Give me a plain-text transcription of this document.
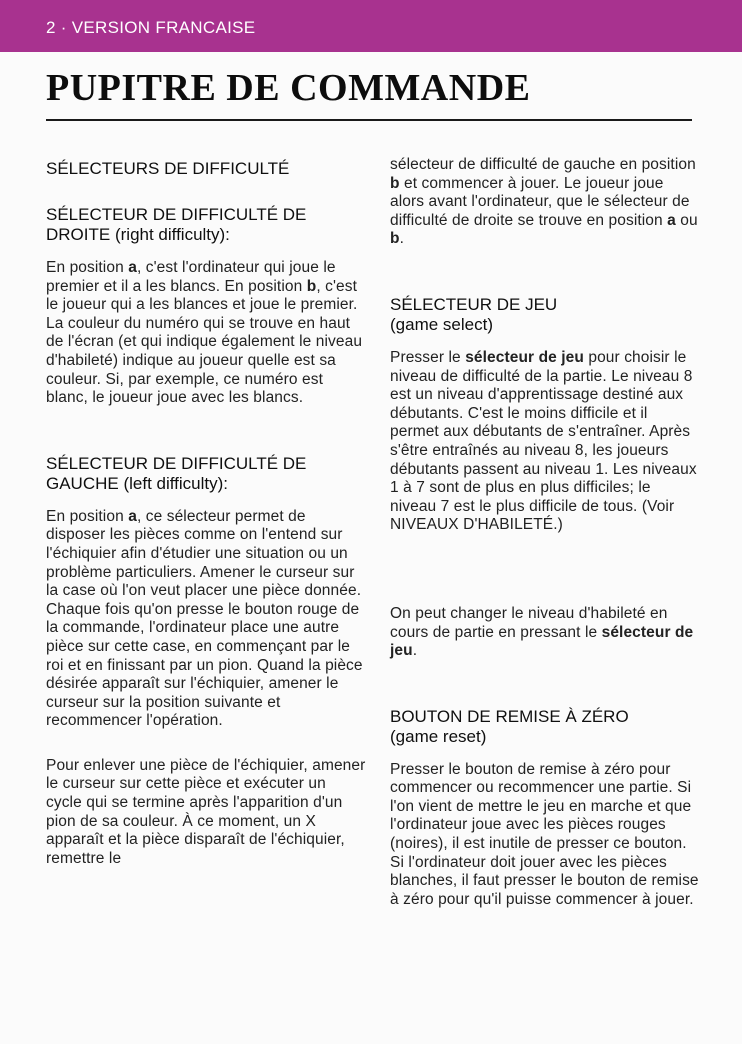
2 · VERSION FRANCAISE
PUPITRE DE COMMANDE
SÉLECTEURS DE DIFFICULTÉ
SÉLECTEUR DE DIFFICULTÉ DE DROITE (right difficulty):

En position a, c'est l'ordinateur qui joue le premier et il a les blancs. En position b, c'est le joueur qui a les blances et joue le premier. La couleur du numéro qui se trouve en haut de l'écran (et qui indique également le niveau d'habileté) indique au joueur quelle est sa couleur. Si, par exemple, ce numéro est blanc, le joueur joue avec les blancs.

SÉLECTEUR DE DIFFICULTÉ DE GAUCHE (left difficulty):

En position a, ce sélecteur permet de disposer les pièces comme on l'entend sur l'échiquier afin d'étudier une situation ou un problème particuliers. Amener le curseur sur la case où l'on veut placer une pièce donnée. Chaque fois qu'on presse le bouton rouge de la commande, l'ordinateur place une autre pièce sur cette case, en commençant par le roi et en finissant par un pion. Quand la pièce désirée apparaît sur l'échiquier, amener le curseur sur la position suivante et recommencer l'opération.

Pour enlever une pièce de l'échiquier, amener le curseur sur cette pièce et exécuter un cycle qui se termine après l'apparition d'un pion de sa couleur. À ce moment, un X apparaît et la pièce disparaît de l'échiquier, remettre le

sélecteur de difficulté de gauche en position b et commencer à jouer. Le joueur joue alors avant l'ordinateur, que le sélecteur de difficulté de droite se trouve en position a ou b.

SÉLECTEUR DE JEU
(game select)

Presser le sélecteur de jeu pour choisir le niveau de difficulté de la partie. Le niveau 8 est un niveau d'apprentissage destiné aux débutants. C'est le moins difficile et il permet aux débutants de s'entraîner. Après s'être entraînés au niveau 8, les joueurs débutants passent au niveau 1. Les niveaux 1 à 7 sont de plus en plus difficiles; le niveau 7 est le plus difficile de tous. (Voir NIVEAUX D'HABILETÉ.)

On peut changer le niveau d'habileté en cours de partie en pressant le sélecteur de jeu.

BOUTON DE REMISE À ZÉRO
(game reset)

Presser le bouton de remise à zéro pour commencer ou recommencer une partie. Si l'on vient de mettre le jeu en marche et que l'ordinateur joue avec les pièces rouges (noires), il est inutile de presser ce bouton. Si l'ordinateur doit jouer avec les pièces blanches, il faut presser le bouton de remise à zéro pour qu'il puisse commencer à jouer.
